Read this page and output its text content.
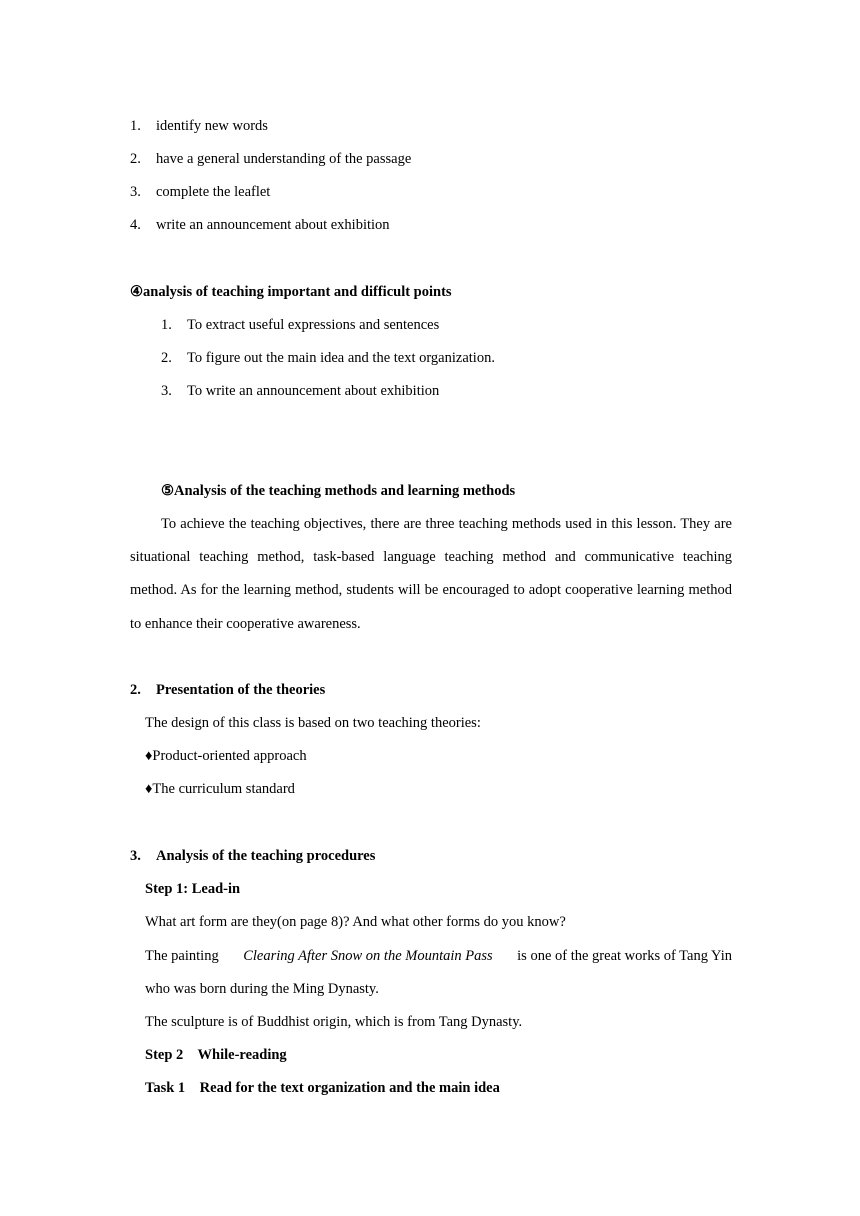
1. identify new words
2. have a general understanding of the passage
3. complete the leaflet
4. write an announcement about exhibition
④analysis of teaching important and difficult points
1. To extract useful expressions and sentences
2. To figure out the main idea and the text organization.
3. To write an announcement about exhibition
⑤Analysis of the teaching methods and learning methods
To achieve the teaching objectives, there are three teaching methods used in this lesson. They are situational teaching method, task-based language teaching method and communicative teaching method. As for the learning method, students will be encouraged to adopt cooperative learning method to enhance their cooperative awareness.
2. Presentation of the theories
The design of this class is based on two teaching theories:
♦Product-oriented approach
♦The curriculum standard
3. Analysis of the teaching procedures
Step 1: Lead-in
What art form are they(on page 8)? And what other forms do you know?
The painting Clearing After Snow on the Mountain Pass is one of the great works of Tang Yin
who was born during the Ming Dynasty.
The sculpture is of Buddhist origin, which is from Tang Dynasty.
Step 2    While-reading
Task 1    Read for the text organization and the main idea
